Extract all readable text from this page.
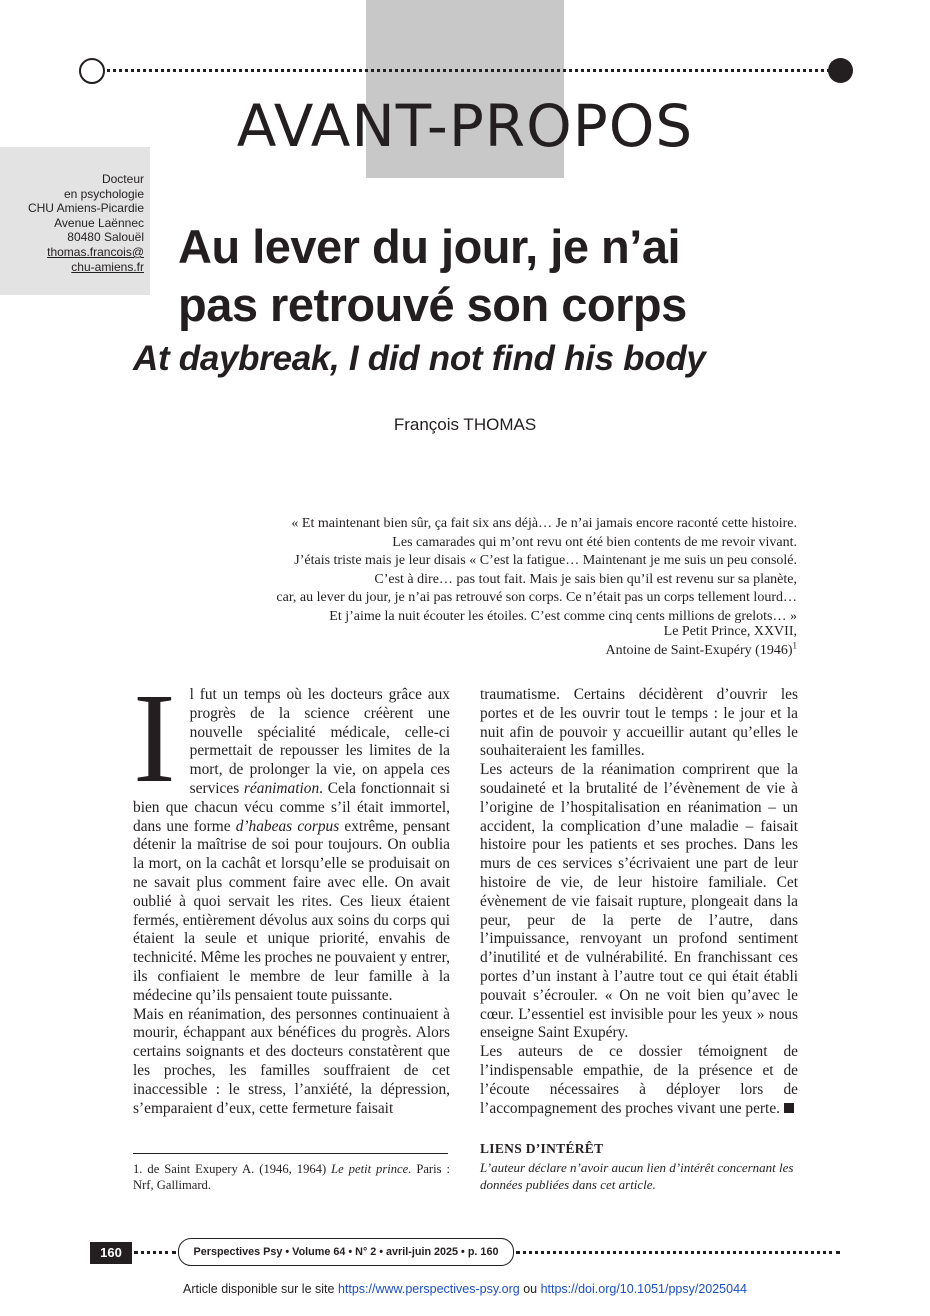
AVANT-PROPOS
Docteur
en psychologie
CHU Amiens-Picardie
Avenue Laënnec
80480 Salouël
thomas.francois@
chu-amiens.fr Au lever du jour, je n’ai
pas retrouvé son corps
At daybreak, I did not find his body
François THOMAS
« Et maintenant bien sûr, ça fait six ans déjà… Je n’ai jamais encore raconté cette histoire.
Les camarades qui m’ont revu ont été bien contents de me revoir vivant.
J’étais triste mais je leur disais « C’est la fatigue… Maintenant je me suis un peu consolé.
C’est à dire… pas tout fait. Mais je sais bien qu’il est revenu sur sa planète,
car, au lever du jour, je n’ai pas retrouvé son corps. Ce n’était pas un corps tellement lourd…
Et j’aime la nuit écouter les étoiles. C’est comme cinq cents millions de grelots… »
Le Petit Prince, XXVII,
Antoine de Saint-Exupéry $(1946)^1$

Il fut un temps où les docteurs grâce aux progrès de la science créèrent une nouvelle spécialité médicale, celle-ci permettait de repousser les limites de la mort, de prolonger la vie, on appela ces services réanimation. Cela fonctionnait si bien que chacun vécu comme s’il était immortel, dans une forme d’habeas corpus extrême, pensant détenir la maîtrise de soi pour toujours. On oublia la mort, on la cachât et lorsqu’elle se produisait on ne savait plus comment faire avec elle. On avait oublié à quoi servait les rites. Ces lieux étaient fermés, entièrement dévolus aux soins du corps qui étaient la seule et unique priorité, envahis de technicité. Même les proches ne pouvaient y entrer, ils confiaient le membre de leur famille à la médecine qu’ils pensaient toute puissante.

Mais en réanimation, des personnes continuaient à mourir, échappant aux bénéfices du progrès. Alors certains soignants et des docteurs constatèrent que les proches, les familles souffraient de cet inaccessible : le stress, l’anxiété, la dépression, s’emparaient d’eux, cette fermeture faisait

traumatisme. Certains décidèrent d’ouvrir les portes et de les ouvrir tout le temps : le jour et la nuit afin de pouvoir y accueillir autant qu’elles le souhaiteraient les familles.

Les acteurs de la réanimation comprirent que la soudaineté et la brutalité de l’évènement de vie à l’origine de l’hospitalisation en réanimation – un accident, la complication d’une maladie – faisait histoire pour les patients et ses proches. Dans les murs de ces services s’écrivaient une part de leur histoire de vie, de leur histoire familiale. Cet évènement de vie faisait rupture, plongeait dans la peur, peur de la perte de l’autre, dans l’impuissance, renvoyant un profond sentiment d’inutilité et de vulnérabilité. En franchissant ces portes d’un instant à l’autre tout ce qui était établi pouvait s’écrouler. « On ne voit bien qu’avec le cœur. L’essentiel est invisible pour les yeux » nous enseigne Saint Exupéry.

Les auteurs de ce dossier témoignent de l’indispensable empathie, de la présence et de l’écoute nécessaires à déployer lors de l’accompagnement des proches vivant une perte.

1. de Saint Exupery A. (1946, 1964) Le petit prince. Paris : Nrf, Gallimard.
LIENS D’INTÉRÊT
L’auteur déclare n’avoir aucun lien d’intérêt concernant les données publiées dans cet article.
160	Perspectives Psy • Volume 64 • N° 2 • avril-juin 2025 • p. 160
Article disponible sur le site https://www.perspectives-psy.org ou https://doi.org/10.1051/ppsy/2025044
